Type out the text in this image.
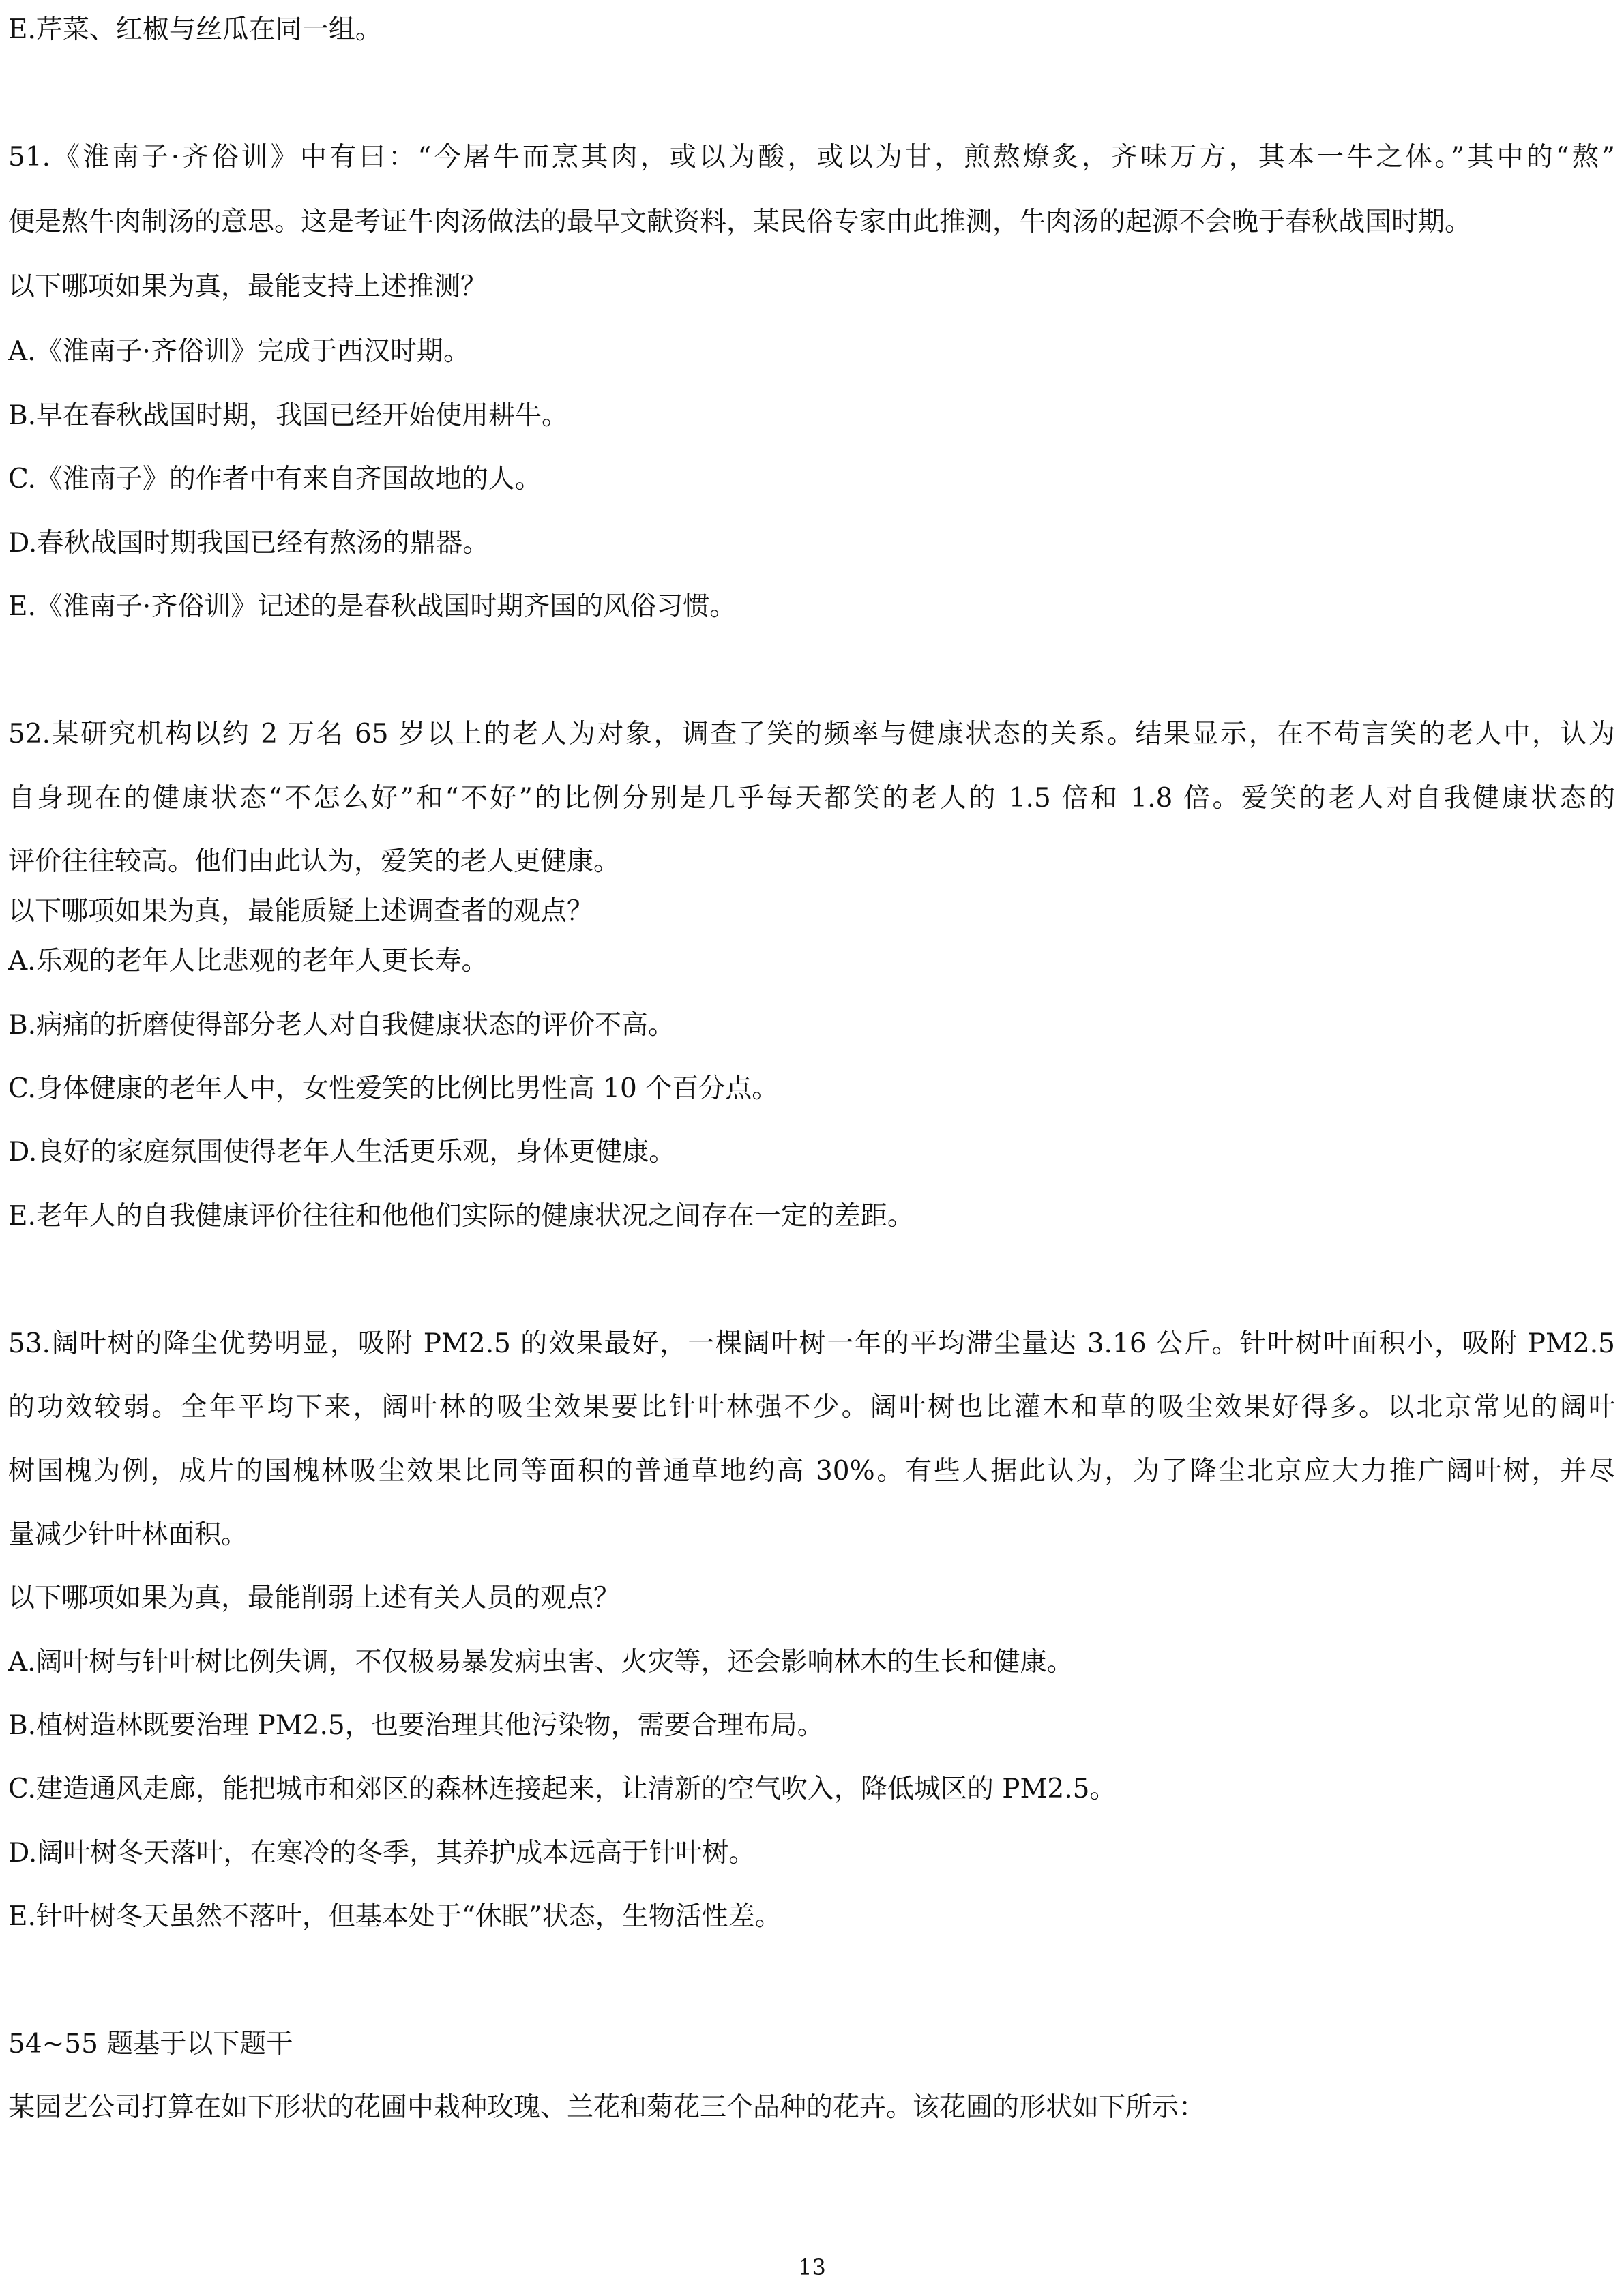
E.芹菜、红椒与丝瓜在同一组。
51.《淮南子·齐俗训》中有曰：“今屠牛而烹其肉，或以为酸，或以为甘，煎熬燎炙，齐味万方，其本一牛之体。”其中的“熬”
便是熬牛肉制汤的意思。这是考证牛肉汤做法的最早文献资料，某民俗专家由此推测，牛肉汤的起源不会晚于春秋战国时期。
以下哪项如果为真，最能支持上述推测？
A.《淮南子·齐俗训》完成于西汉时期。
B.早在春秋战国时期，我国已经开始使用耕牛。
C.《淮南子》的作者中有来自齐国故地的人。
D.春秋战国时期我国已经有熬汤的鼎器。
E.《淮南子·齐俗训》记述的是春秋战国时期齐国的风俗习惯。
52.某研究机构以约 2 万名 65 岁以上的老人为对象，调查了笑的频率与健康状态的关系。结果显示，在不苟言笑的老人中，认为
自身现在的健康状态“不怎么好”和“不好”的比例分别是几乎每天都笑的老人的 1.5 倍和 1.8 倍。爱笑的老人对自我健康状态的
评价往往较高。他们由此认为，爱笑的老人更健康。
以下哪项如果为真，最能质疑上述调查者的观点？
A.乐观的老年人比悲观的老年人更长寿。
B.病痛的折磨使得部分老人对自我健康状态的评价不高。
C.身体健康的老年人中，女性爱笑的比例比男性高 10 个百分点。
D.良好的家庭氛围使得老年人生活更乐观，身体更健康。
E.老年人的自我健康评价往往和他他们实际的健康状况之间存在一定的差距。
53.阔叶树的降尘优势明显，吸附 PM2.5 的效果最好，一棵阔叶树一年的平均滞尘量达 3.16 公斤。针叶树叶面积小，吸附 PM2.5
的功效较弱。全年平均下来，阔叶林的吸尘效果要比针叶林强不少。阔叶树也比灌木和草的吸尘效果好得多。以北京常见的阔叶
树国槐为例，成片的国槐林吸尘效果比同等面积的普通草地约高 30%。有些人据此认为，为了降尘北京应大力推广阔叶树，并尽
量减少针叶林面积。
以下哪项如果为真，最能削弱上述有关人员的观点？
A.阔叶树与针叶树比例失调，不仅极易暴发病虫害、火灾等，还会影响林木的生长和健康。
B.植树造林既要治理 PM2.5，也要治理其他污染物，需要合理布局。
C.建造通风走廊，能把城市和郊区的森林连接起来，让清新的空气吹入，降低城区的 PM2.5。
D.阔叶树冬天落叶，在寒冷的冬季，其养护成本远高于针叶树。
E.针叶树冬天虽然不落叶，但基本处于“休眠”状态，生物活性差。
54~55 题基于以下题干
某园艺公司打算在如下形状的花圃中栽种玫瑰、兰花和菊花三个品种的花卉。该花圃的形状如下所示：
13
